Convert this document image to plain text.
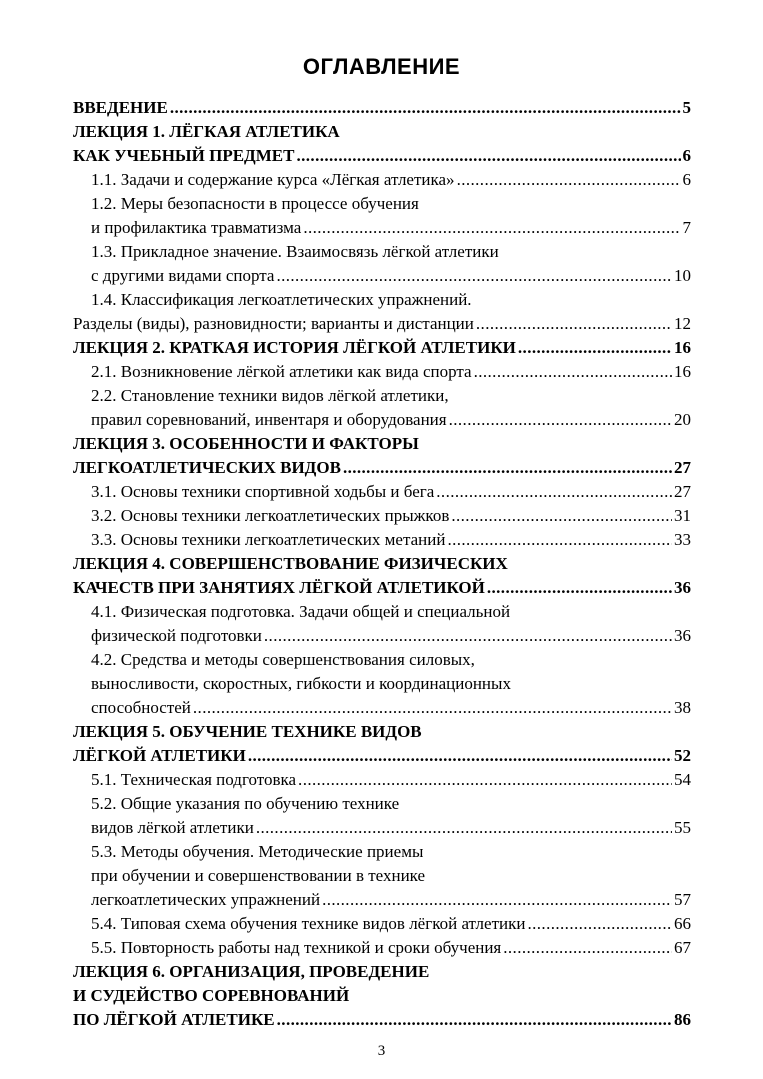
ОГЛАВЛЕНИЕ
ВВЕДЕНИЕ .....	5
ЛЕКЦИЯ 1. ЛЁГКАЯ АТЛЕТИКА
КАК УЧЕБНЫЙ ПРЕДМЕТ .....	6
1.1. Задачи и содержание курса «Лёгкая атлетика» .....	6
1.2. Меры безопасности в процессе обучения
и профилактика травматизма .....	7
1.3. Прикладное значение. Взаимосвязь лёгкой атлетики
с другими видами спорта .....	10
1.4. Классификация легкоатлетических упражнений.
Разделы (виды), разновидности; варианты и дистанции .....	12
ЛЕКЦИЯ 2. КРАТКАЯ ИСТОРИЯ ЛЁГКОЙ АТЛЕТИКИ .....	16
2.1. Возникновение лёгкой атлетики как вида спорта .....	16
2.2. Становление техники видов лёгкой атлетики,
правил соревнований, инвентаря и оборудования .....	20
ЛЕКЦИЯ 3. ОСОБЕННОСТИ И ФАКТОРЫ
ЛЕГКОАТЛЕТИЧЕСКИХ ВИДОВ .....	27
3.1. Основы техники спортивной ходьбы и бега .....	27
3.2. Основы техники легкоатлетических прыжков .....	31
3.3. Основы техники легкоатлетических метаний .....	33
ЛЕКЦИЯ 4. СОВЕРШЕНСТВОВАНИЕ ФИЗИЧЕСКИХ
КАЧЕСТВ ПРИ ЗАНЯТИЯХ ЛЁГКОЙ АТЛЕТИКОЙ .....	36
4.1. Физическая подготовка. Задачи общей и специальной
физической подготовки .....	36
4.2. Средства и методы совершенствования силовых,
выносливости, скоростных, гибкости и координационных
способностей .....	38
ЛЕКЦИЯ 5. ОБУЧЕНИЕ ТЕХНИКЕ ВИДОВ
ЛЁГКОЙ АТЛЕТИКИ .....	52
5.1. Техническая подготовка .....	54
5.2. Общие указания по обучению технике
видов лёгкой атлетики .....	55
5.3. Методы обучения. Методические приемы
при обучении и совершенствовании в технике
легкоатлетических упражнений .....	57
5.4. Типовая схема обучения технике видов лёгкой атлетики .....	66
5.5. Повторность работы над техникой и сроки обучения .....	67
ЛЕКЦИЯ 6. ОРГАНИЗАЦИЯ, ПРОВЕДЕНИЕ
И СУДЕЙСТВО СОРЕВНОВАНИЙ
ПО ЛЁГКОЙ АТЛЕТИКЕ .....	86
3
